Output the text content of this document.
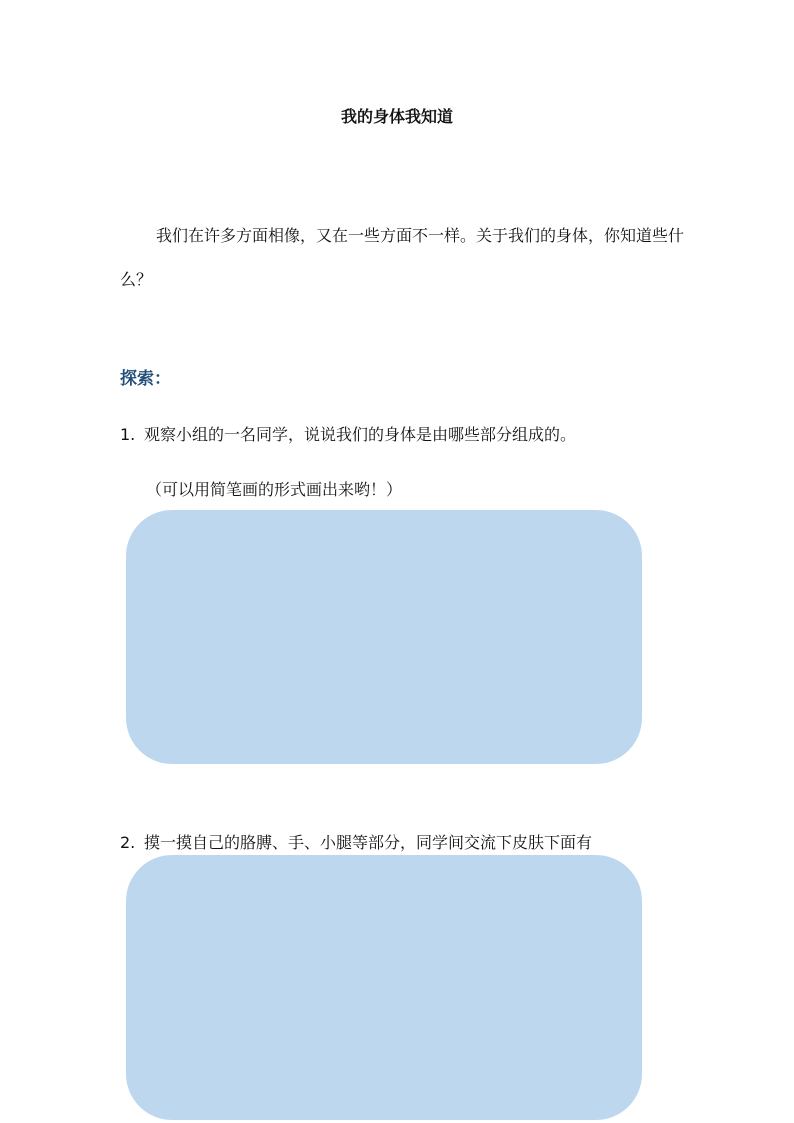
我的身体我知道
我们在许多方面相像，又在一些方面不一样。关于我们的身体，你知道些什么？
探索：
1. 观察小组的一名同学，说说我们的身体是由哪些部分组成的。
（可以用简笔画的形式画出来哟！）
2. 摸一摸自己的胳膊、手、小腿等部分，同学间交流下皮肤下面有
